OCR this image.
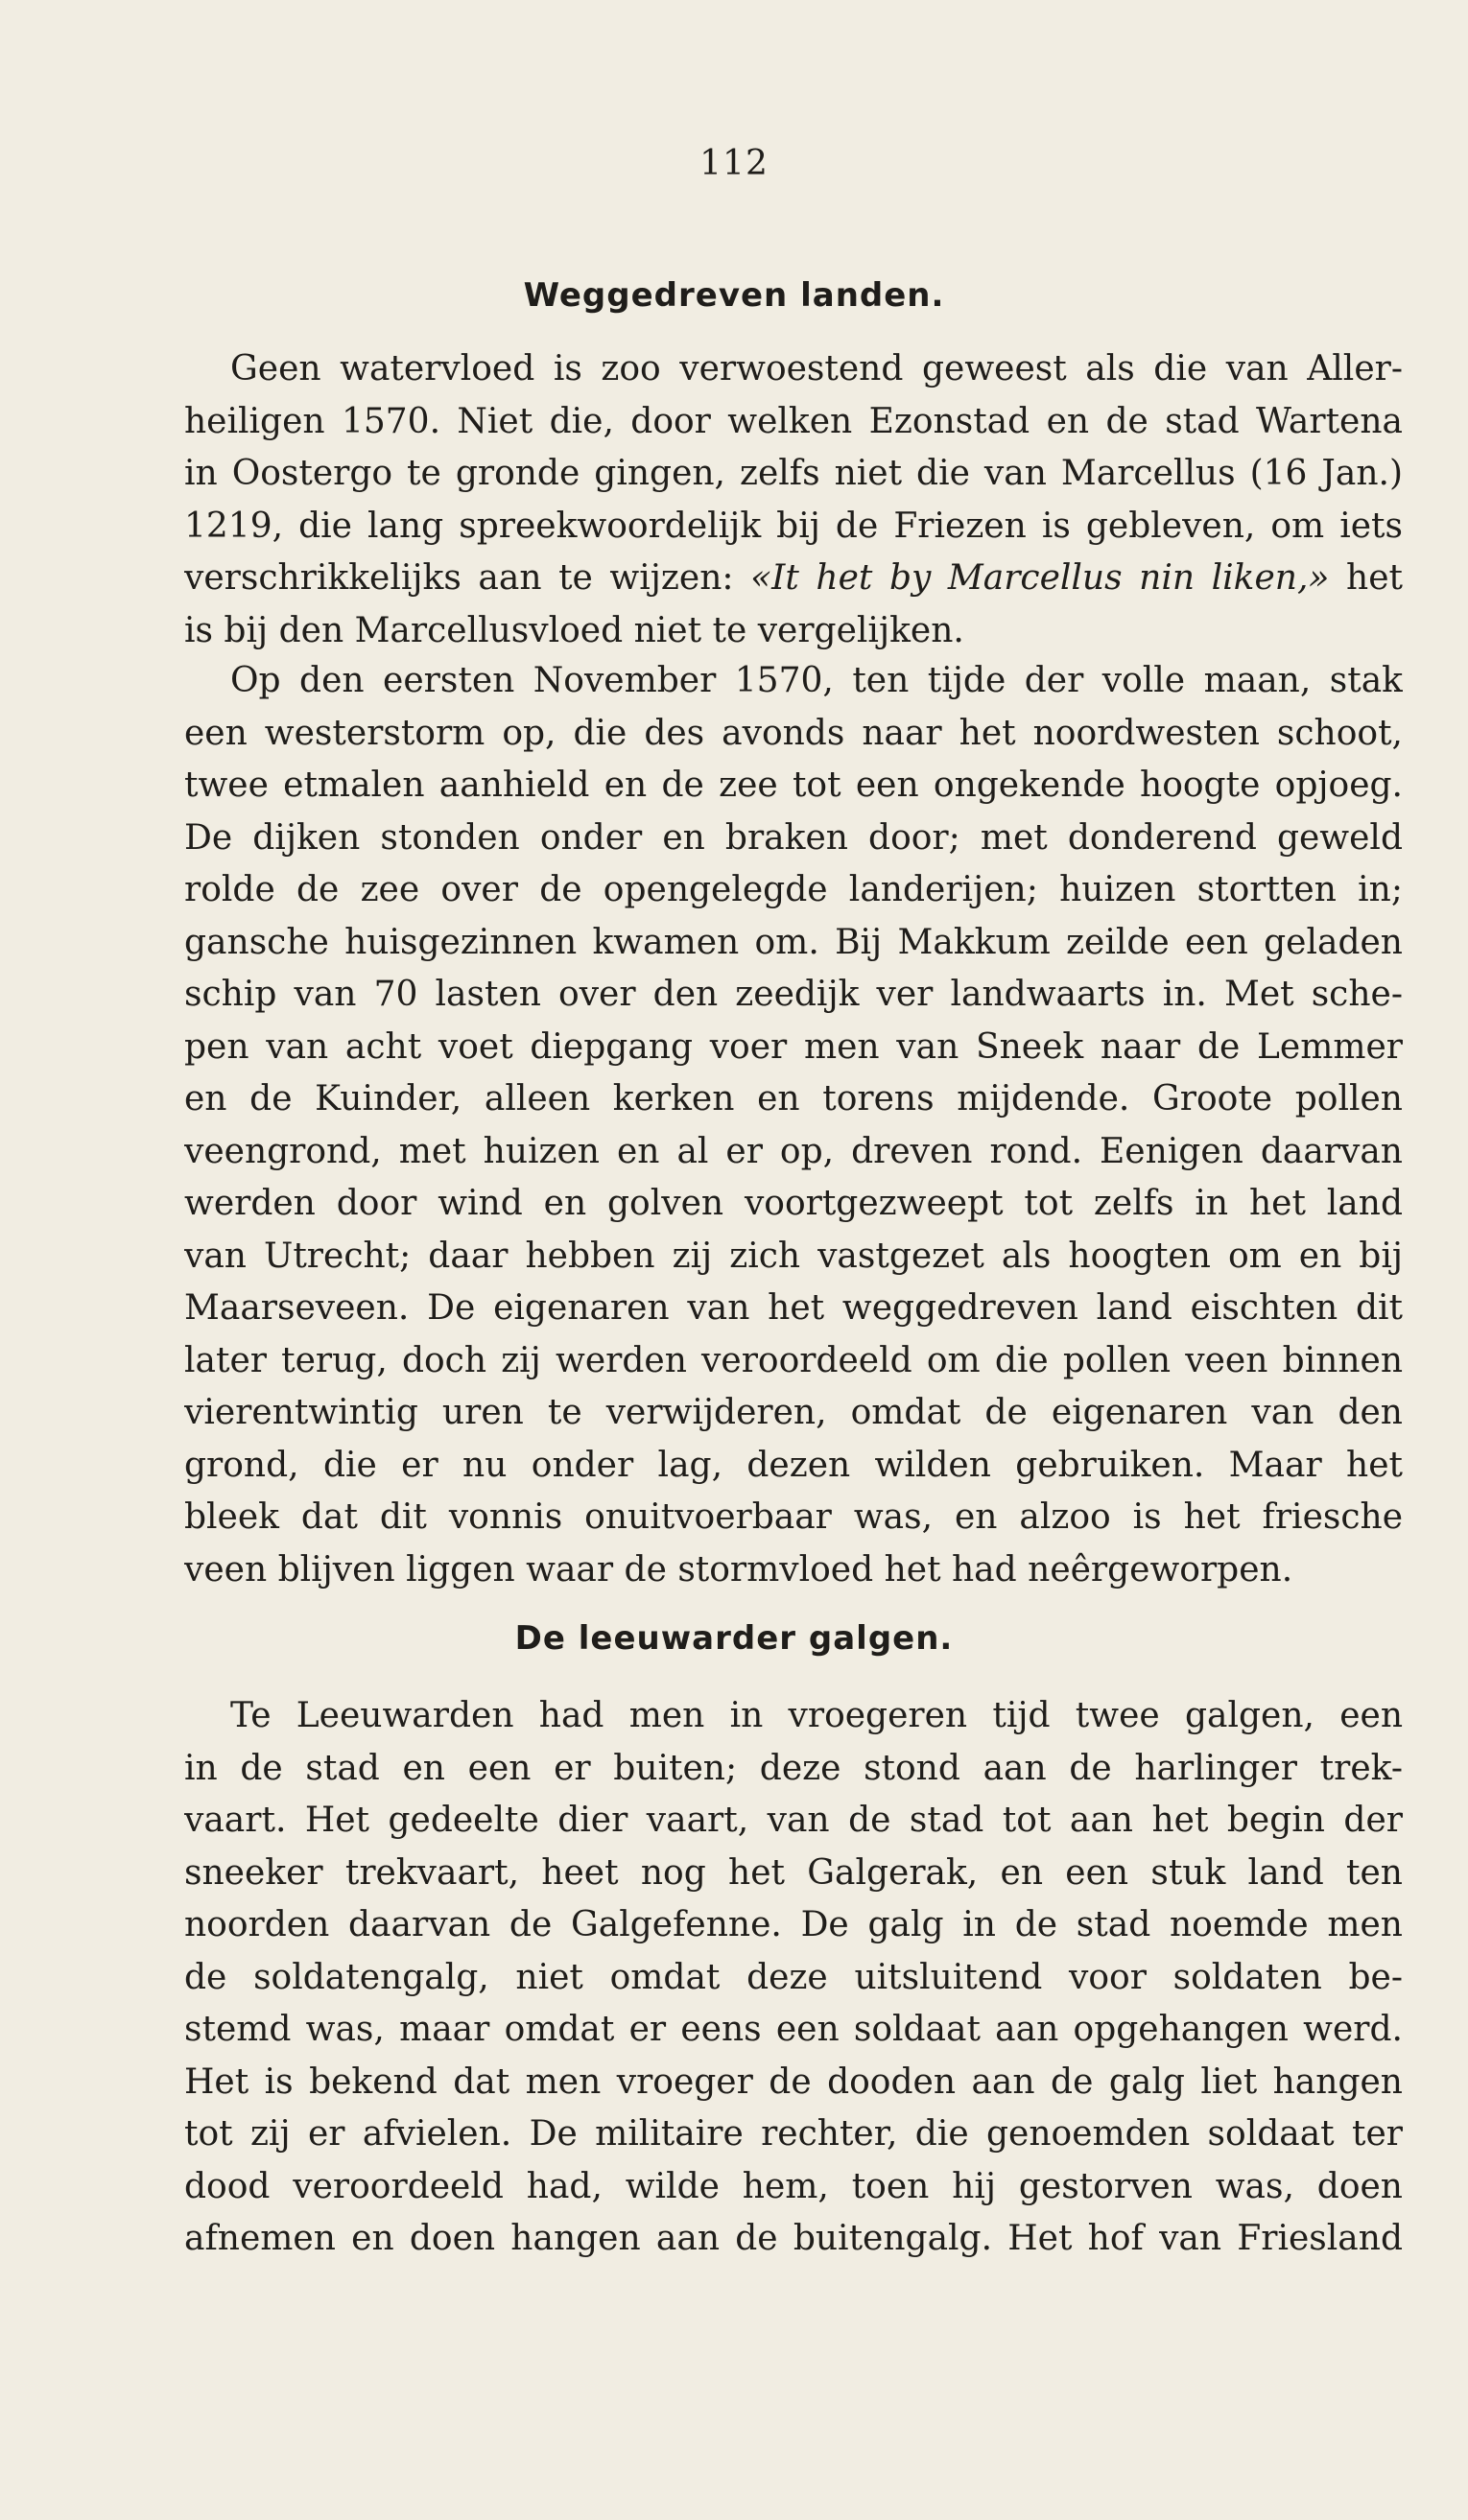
112
Weggedreven landen.
Geen watervloed is zoo verwoestend geweest als die van Aller-
heiligen 1570. Niet die, door welken Ezonstad en de stad Wartena
in Oostergo te gronde gingen, zelfs niet die van Marcellus (16 Jan.)
1219, die lang spreekwoordelijk bij de Friezen is gebleven, om iets
verschrikkelijks aan te wijzen: «It het by Marcellus nin liken,» het
is bij den Marcellusvloed niet te vergelijken.
Op den eersten November 1570, ten tijde der volle maan, stak
een westerstorm op, die des avonds naar het noordwesten schoot,
twee etmalen aanhield en de zee tot een ongekende hoogte opjoeg.
De dijken stonden onder en braken door; met donderend geweld
rolde de zee over de opengelegde landerijen; huizen stortten in;
gansche huisgezinnen kwamen om. Bij Makkum zeilde een geladen
schip van 70 lasten over den zeedijk ver landwaarts in. Met sche-
pen van acht voet diepgang voer men van Sneek naar de Lemmer
en de Kuinder, alleen kerken en torens mijdende. Groote pollen
veengrond, met huizen en al er op, dreven rond. Eenigen daarvan
werden door wind en golven voortgezweept tot zelfs in het land
van Utrecht; daar hebben zij zich vastgezet als hoogten om en bij
Maarseveen. De eigenaren van het weggedreven land eischten dit
later terug, doch zij werden veroordeeld om die pollen veen binnen
vierentwintig uren te verwijderen, omdat de eigenaren van den
grond, die er nu onder lag, dezen wilden gebruiken. Maar het
bleek dat dit vonnis onuitvoerbaar was, en alzoo is het friesche
veen blijven liggen waar de stormvloed het had neêrgeworpen.
De leeuwarder galgen.
Te Leeuwarden had men in vroegeren tijd twee galgen, een
in de stad en een er buiten; deze stond aan de harlinger trek-
vaart. Het gedeelte dier vaart, van de stad tot aan het begin der
sneeker trekvaart, heet nog het Galgerak, en een stuk land ten
noorden daarvan de Galgefenne. De galg in de stad noemde men
de soldatengalg, niet omdat deze uitsluitend voor soldaten be-
stemd was, maar omdat er eens een soldaat aan opgehangen werd.
Het is bekend dat men vroeger de dooden aan de galg liet hangen
tot zij er afvielen. De militaire rechter, die genoemden soldaat ter
dood veroordeeld had, wilde hem, toen hij gestorven was, doen
afnemen en doen hangen aan de buitengalg. Het hof van Friesland
